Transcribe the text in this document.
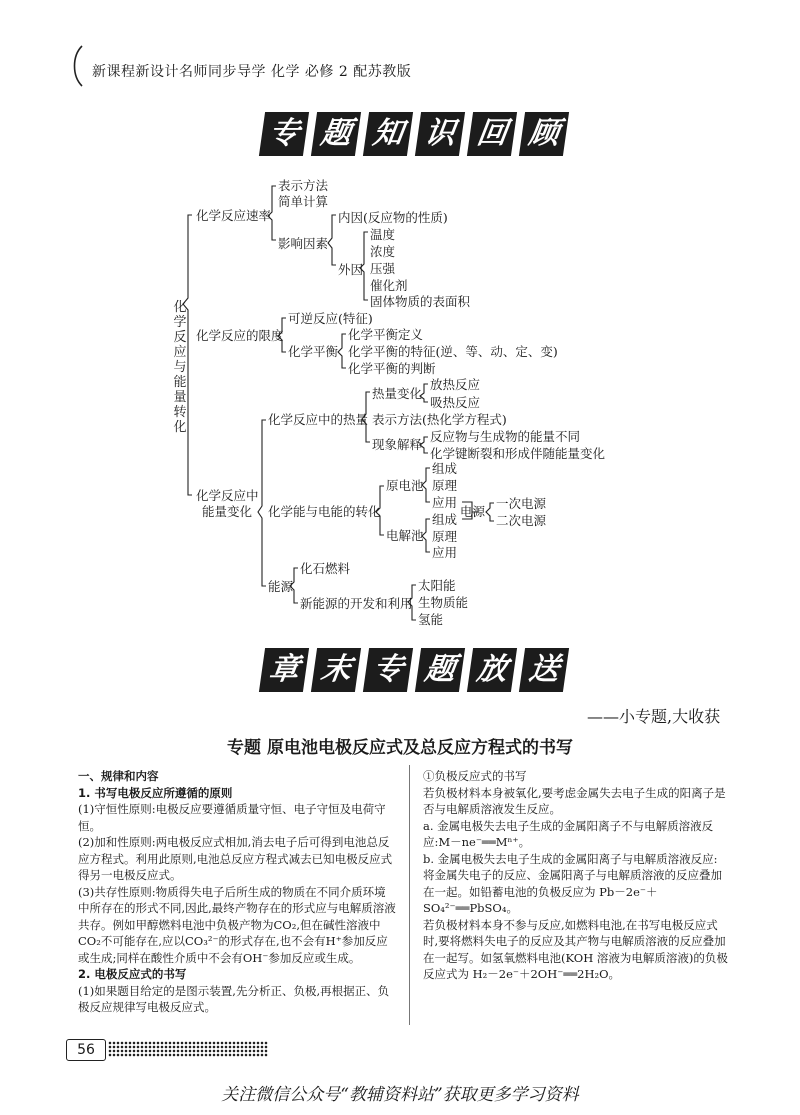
新课程新设计名师同步导学 化学 必修 2 配苏教版
专 题 知 识 回 顾
化学反应与能量转化
化学反应速率
表示方法
简单计算
影响因素
内因(反应物的性质)
外因
温度
浓度
压强
催化剂
固体物质的表面积
化学反应的限度
可逆反应(特征)
化学平衡
化学平衡定义
化学平衡的特征(逆、等、动、定、变)
化学平衡的判断
化学反应中
能量变化
化学反应中的热量
热量变化
放热反应
吸热反应
表示方法(热化学方程式)
现象解释
反应物与生成物的能量不同
化学键断裂和形成伴随能量变化
化学能与电能的转化
原电池
组成
原理
应用
电解池
组成
原理
应用
电源
一次电源
二次电源
能源
化石燃料
新能源的开发和利用
太阳能
生物质能
氢能
章 末 专 题 放 送
——小专题,大收获
专题 原电池电极反应式及总反应方程式的书写

一、规律和内容

1. 书写电极反应所遵循的原则

(1)守恒性原则:电极反应要遵循质量守恒、电子守恒及电荷守恒。

(2)加和性原则:两电极反应式相加,消去电子后可得到电池总反应方程式。利用此原则,电池总反应方程式减去已知电极反应式得另一电极反应式。

(3)共存性原则:物质得失电子后所生成的物质在不同介质环境中所存在的形式不同,因此,最终产物存在的形式应与电解质溶液共存。例如甲醇燃料电池中负极产物为CO₂,但在碱性溶液中CO₂不可能存在,应以CO₃²⁻的形式存在,也不会有H⁺参加反应或生成;同样在酸性介质中不会有OH⁻参加反应或生成。

2. 电极反应式的书写

(1)如果题目给定的是图示装置,先分析正、负极,再根据正、负极反应规律写电极反应式。

①负极反应式的书写

若负极材料本身被氧化,要考虑金属失去电子生成的阳离子是否与电解质溶液发生反应。

a. 金属电极失去电子生成的金属阳离子不与电解质溶液反应:M－ne⁻══Mⁿ⁺。

b. 金属电极失去电子生成的金属阳离子与电解质溶液反应:将金属失电子的反应、金属阳离子与电解质溶液的反应叠加在一起。如铅蓄电池的负极反应为 Pb－2e⁻＋SO₄²⁻══PbSO₄。

若负极材料本身不参与反应,如燃料电池,在书写电极反应式时,要将燃料失电子的反应及其产物与电解质溶液的反应叠加在一起写。如氢氧燃料电池(KOH 溶液为电解质溶液)的负极反应式为 H₂－2e⁻＋2OH⁻══2H₂O。

56
关注微信公众号“教辅资料站”获取更多学习资料
